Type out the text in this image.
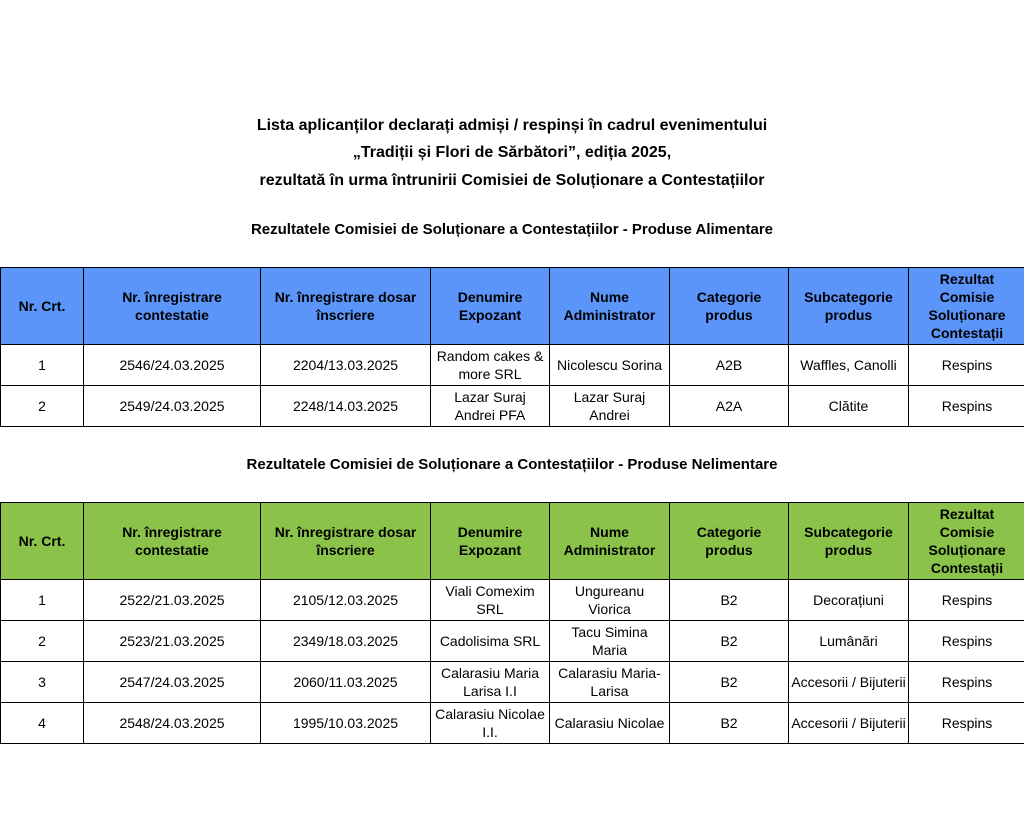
Lista aplicanților declarați admiși / respinși în cadrul evenimentului
„Tradiții și Flori de Sărbători”, ediția 2025,
rezultată în urma întrunirii Comisiei de Soluționare a Contestațiilor
Rezultatele Comisiei de Soluționare a Contestațiilor - Produse Alimentare
Nr. Crt.	Nr. înregistrare contestatie	Nr. înregistrare dosar înscriere	Denumire Expozant	Nume Administrator	Categorie produs	Subcategorie produs	Rezultat Comisie Soluționare Contestații
1	2546/24.03.2025	2204/13.03.2025	Random cakes & more SRL	Nicolescu Sorina	A2B	Waffles, Canolli	Respins
2	2549/24.03.2025	2248/14.03.2025	Lazar Suraj Andrei PFA	Lazar Suraj Andrei	A2A	Clătite	Respins
Rezultatele Comisiei de Soluționare a Contestațiilor - Produse Nelimentare
Nr. Crt.	Nr. înregistrare contestatie	Nr. înregistrare dosar înscriere	Denumire Expozant	Nume Administrator	Categorie produs	Subcategorie produs	Rezultat Comisie Soluționare Contestații
1	2522/21.03.2025	2105/12.03.2025	Viali Comexim SRL	Ungureanu Viorica	B2	Decorațiuni	Respins
2	2523/21.03.2025	2349/18.03.2025	Cadolisima SRL	Tacu Simina Maria	B2	Lumânări	Respins
3	2547/24.03.2025	2060/11.03.2025	Calarasiu Maria Larisa I.I	Calarasiu Maria-Larisa	B2	Accesorii / Bijuterii	Respins
4	2548/24.03.2025	1995/10.03.2025	Calarasiu Nicolae I.I.	Calarasiu Nicolae	B2	Accesorii / Bijuterii	Respins
